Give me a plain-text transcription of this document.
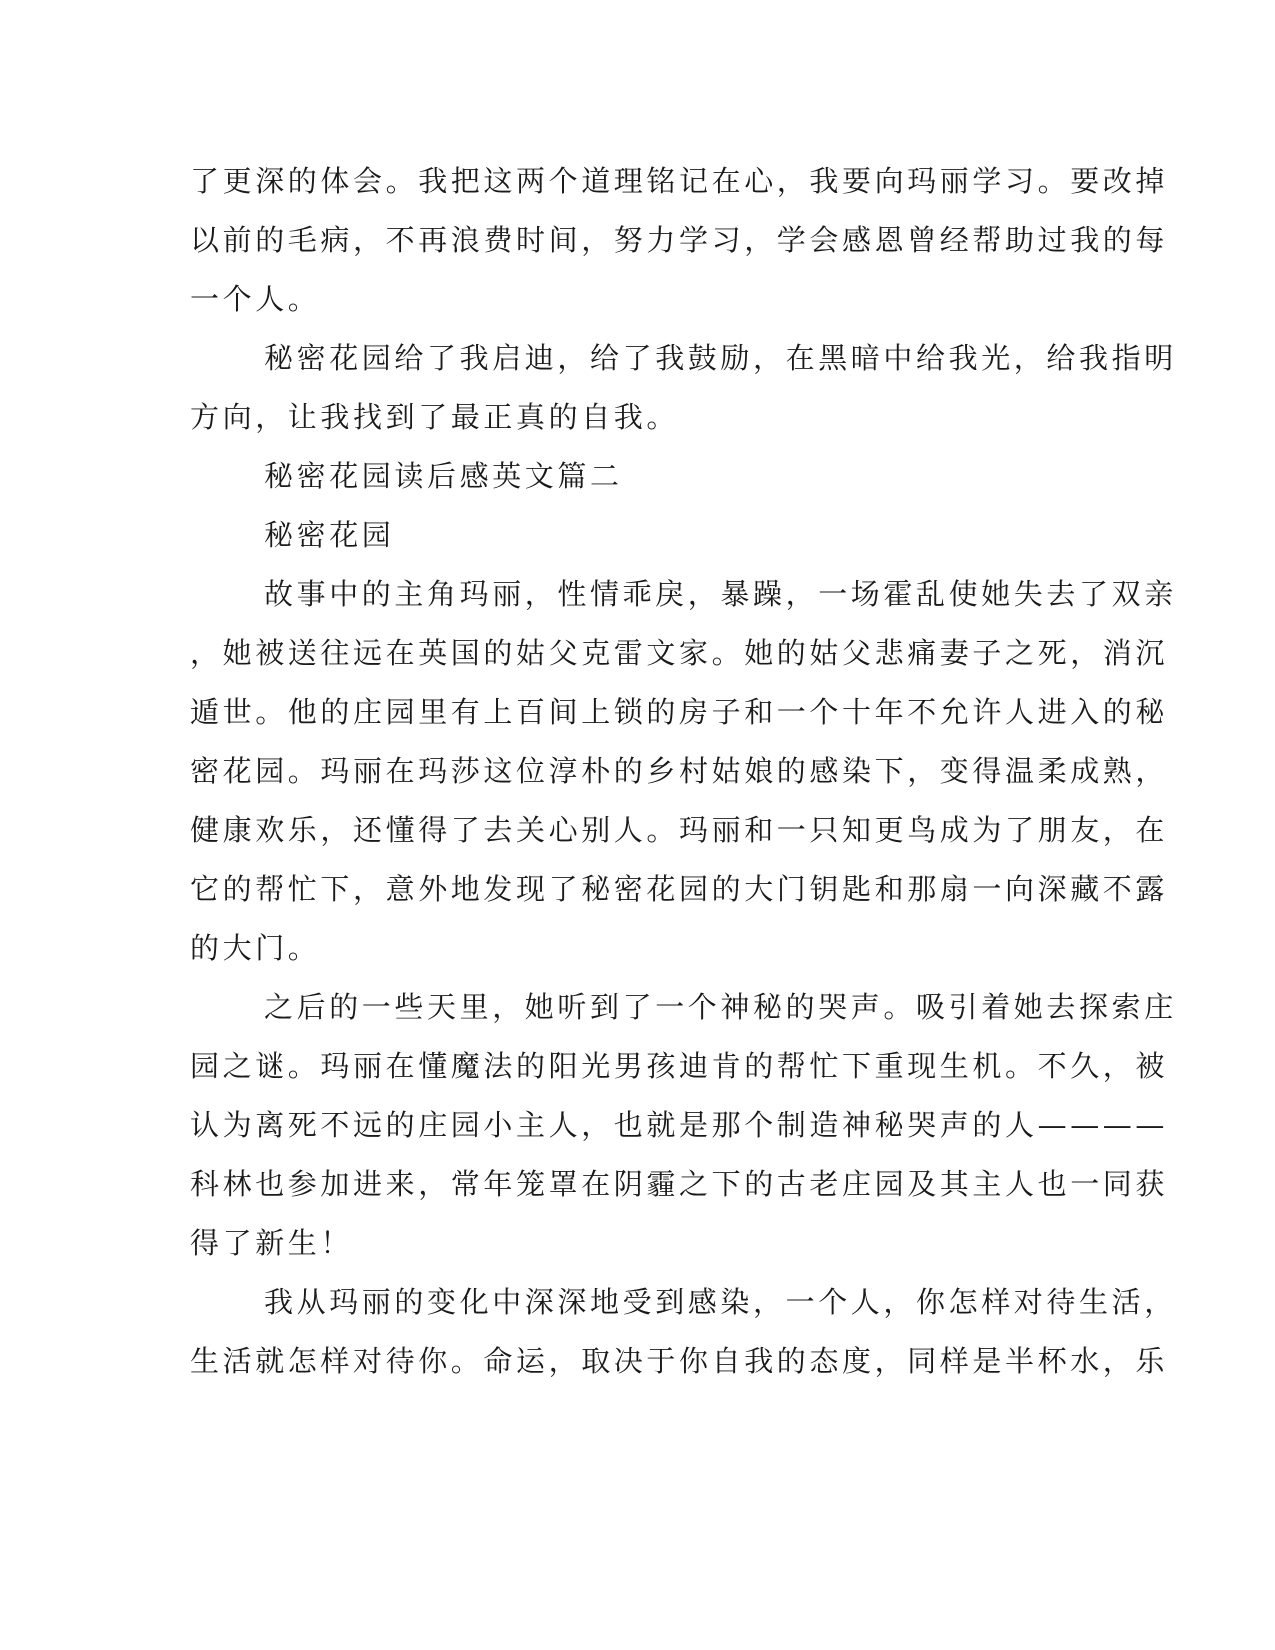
了更深的体会。我把这两个道理铭记在心，我要向玛丽学习。要改掉
以前的毛病，不再浪费时间，努力学习，学会感恩曾经帮助过我的每
一个人。
秘密花园给了我启迪，给了我鼓励，在黑暗中给我光，给我指明
方向，让我找到了最正真的自我。
秘密花园读后感英文篇二
秘密花园
故事中的主角玛丽，性情乖戾，暴躁，一场霍乱使她失去了双亲
，她被送往远在英国的姑父克雷文家。她的姑父悲痛妻子之死，消沉
遁世。他的庄园里有上百间上锁的房子和一个十年不允许人进入的秘
密花园。玛丽在玛莎这位淳朴的乡村姑娘的感染下，变得温柔成熟，
健康欢乐，还懂得了去关心别人。玛丽和一只知更鸟成为了朋友，在
它的帮忙下，意外地发现了秘密花园的大门钥匙和那扇一向深藏不露
的大门。
之后的一些天里，她听到了一个神秘的哭声。吸引着她去探索庄
园之谜。玛丽在懂魔法的阳光男孩迪肯的帮忙下重现生机。不久，被
认为离死不远的庄园小主人，也就是那个制造神秘哭声的人————
科林也参加进来，常年笼罩在阴霾之下的古老庄园及其主人也一同获
得了新生！
我从玛丽的变化中深深地受到感染，一个人，你怎样对待生活，
生活就怎样对待你。命运，取决于你自我的态度，同样是半杯水，乐
